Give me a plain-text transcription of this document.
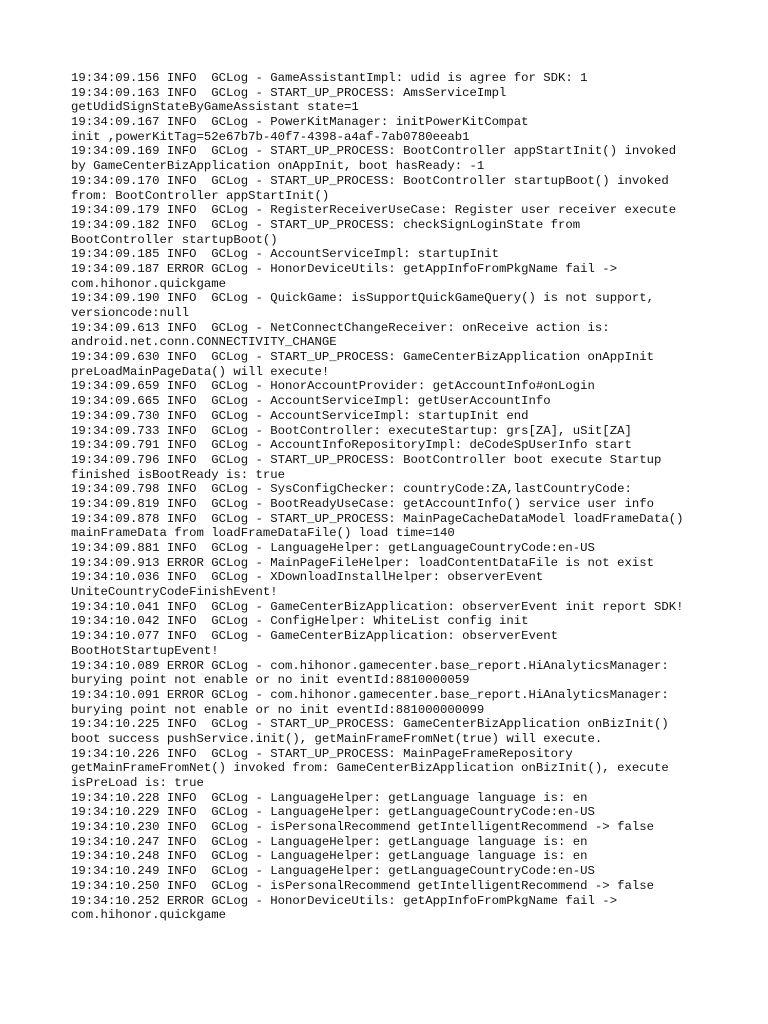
19:34:09.156 INFO  GCLog - GameAssistantImpl: udid is agree for SDK: 1
19:34:09.163 INFO  GCLog - START_UP_PROCESS: AmsServiceImpl
getUdidSignStateByGameAssistant state=1
19:34:09.167 INFO  GCLog - PowerKitManager: initPowerKitCompat
init ,powerKitTag=52e67b7b-40f7-4398-a4af-7ab0780eeab1
19:34:09.169 INFO  GCLog - START_UP_PROCESS: BootController appStartInit() invoked
by GameCenterBizApplication onAppInit, boot hasReady: -1
19:34:09.170 INFO  GCLog - START_UP_PROCESS: BootController startupBoot() invoked
from: BootController appStartInit()
19:34:09.179 INFO  GCLog - RegisterReceiverUseCase: Register user receiver execute
19:34:09.182 INFO  GCLog - START_UP_PROCESS: checkSignLoginState from
BootController startupBoot()
19:34:09.185 INFO  GCLog - AccountServiceImpl: startupInit
19:34:09.187 ERROR GCLog - HonorDeviceUtils: getAppInfoFromPkgName fail ->
com.hihonor.quickgame
19:34:09.190 INFO  GCLog - QuickGame: isSupportQuickGameQuery() is not support,
versioncode:null
19:34:09.613 INFO  GCLog - NetConnectChangeReceiver: onReceive action is:
android.net.conn.CONNECTIVITY_CHANGE
19:34:09.630 INFO  GCLog - START_UP_PROCESS: GameCenterBizApplication onAppInit
preLoadMainPageData() will execute!
19:34:09.659 INFO  GCLog - HonorAccountProvider: getAccountInfo#onLogin
19:34:09.665 INFO  GCLog - AccountServiceImpl: getUserAccountInfo
19:34:09.730 INFO  GCLog - AccountServiceImpl: startupInit end
19:34:09.733 INFO  GCLog - BootController: executeStartup: grs[ZA], uSit[ZA]
19:34:09.791 INFO  GCLog - AccountInfoRepositoryImpl: deCodeSpUserInfo start
19:34:09.796 INFO  GCLog - START_UP_PROCESS: BootController boot execute Startup
finished isBootReady is: true
19:34:09.798 INFO  GCLog - SysConfigChecker: countryCode:ZA,lastCountryCode:
19:34:09.819 INFO  GCLog - BootReadyUseCase: getAccountInfo() service user info
19:34:09.878 INFO  GCLog - START_UP_PROCESS: MainPageCacheDataModel loadFrameData()
mainFrameData from loadFrameDataFile() load time=140
19:34:09.881 INFO  GCLog - LanguageHelper: getLanguageCountryCode:en-US
19:34:09.913 ERROR GCLog - MainPageFileHelper: loadContentDataFile is not exist
19:34:10.036 INFO  GCLog - XDownloadInstallHelper: observerEvent
UniteCountryCodeFinishEvent!
19:34:10.041 INFO  GCLog - GameCenterBizApplication: observerEvent init report SDK!
19:34:10.042 INFO  GCLog - ConfigHelper: WhiteList config init
19:34:10.077 INFO  GCLog - GameCenterBizApplication: observerEvent
BootHotStartupEvent!
19:34:10.089 ERROR GCLog - com.hihonor.gamecenter.base_report.HiAnalyticsManager:
burying point not enable or no init eventId:8810000059
19:34:10.091 ERROR GCLog - com.hihonor.gamecenter.base_report.HiAnalyticsManager:
burying point not enable or no init eventId:881000000099
19:34:10.225 INFO  GCLog - START_UP_PROCESS: GameCenterBizApplication onBizInit()
boot success pushService.init(), getMainFrameFromNet(true) will execute.
19:34:10.226 INFO  GCLog - START_UP_PROCESS: MainPageFrameRepository
getMainFrameFromNet() invoked from: GameCenterBizApplication onBizInit(), execute
isPreLoad is: true
19:34:10.228 INFO  GCLog - LanguageHelper: getLanguage language is: en
19:34:10.229 INFO  GCLog - LanguageHelper: getLanguageCountryCode:en-US
19:34:10.230 INFO  GCLog - isPersonalRecommend getIntelligentRecommend -> false
19:34:10.247 INFO  GCLog - LanguageHelper: getLanguage language is: en
19:34:10.248 INFO  GCLog - LanguageHelper: getLanguage language is: en
19:34:10.249 INFO  GCLog - LanguageHelper: getLanguageCountryCode:en-US
19:34:10.250 INFO  GCLog - isPersonalRecommend getIntelligentRecommend -> false
19:34:10.252 ERROR GCLog - HonorDeviceUtils: getAppInfoFromPkgName fail ->
com.hihonor.quickgame
